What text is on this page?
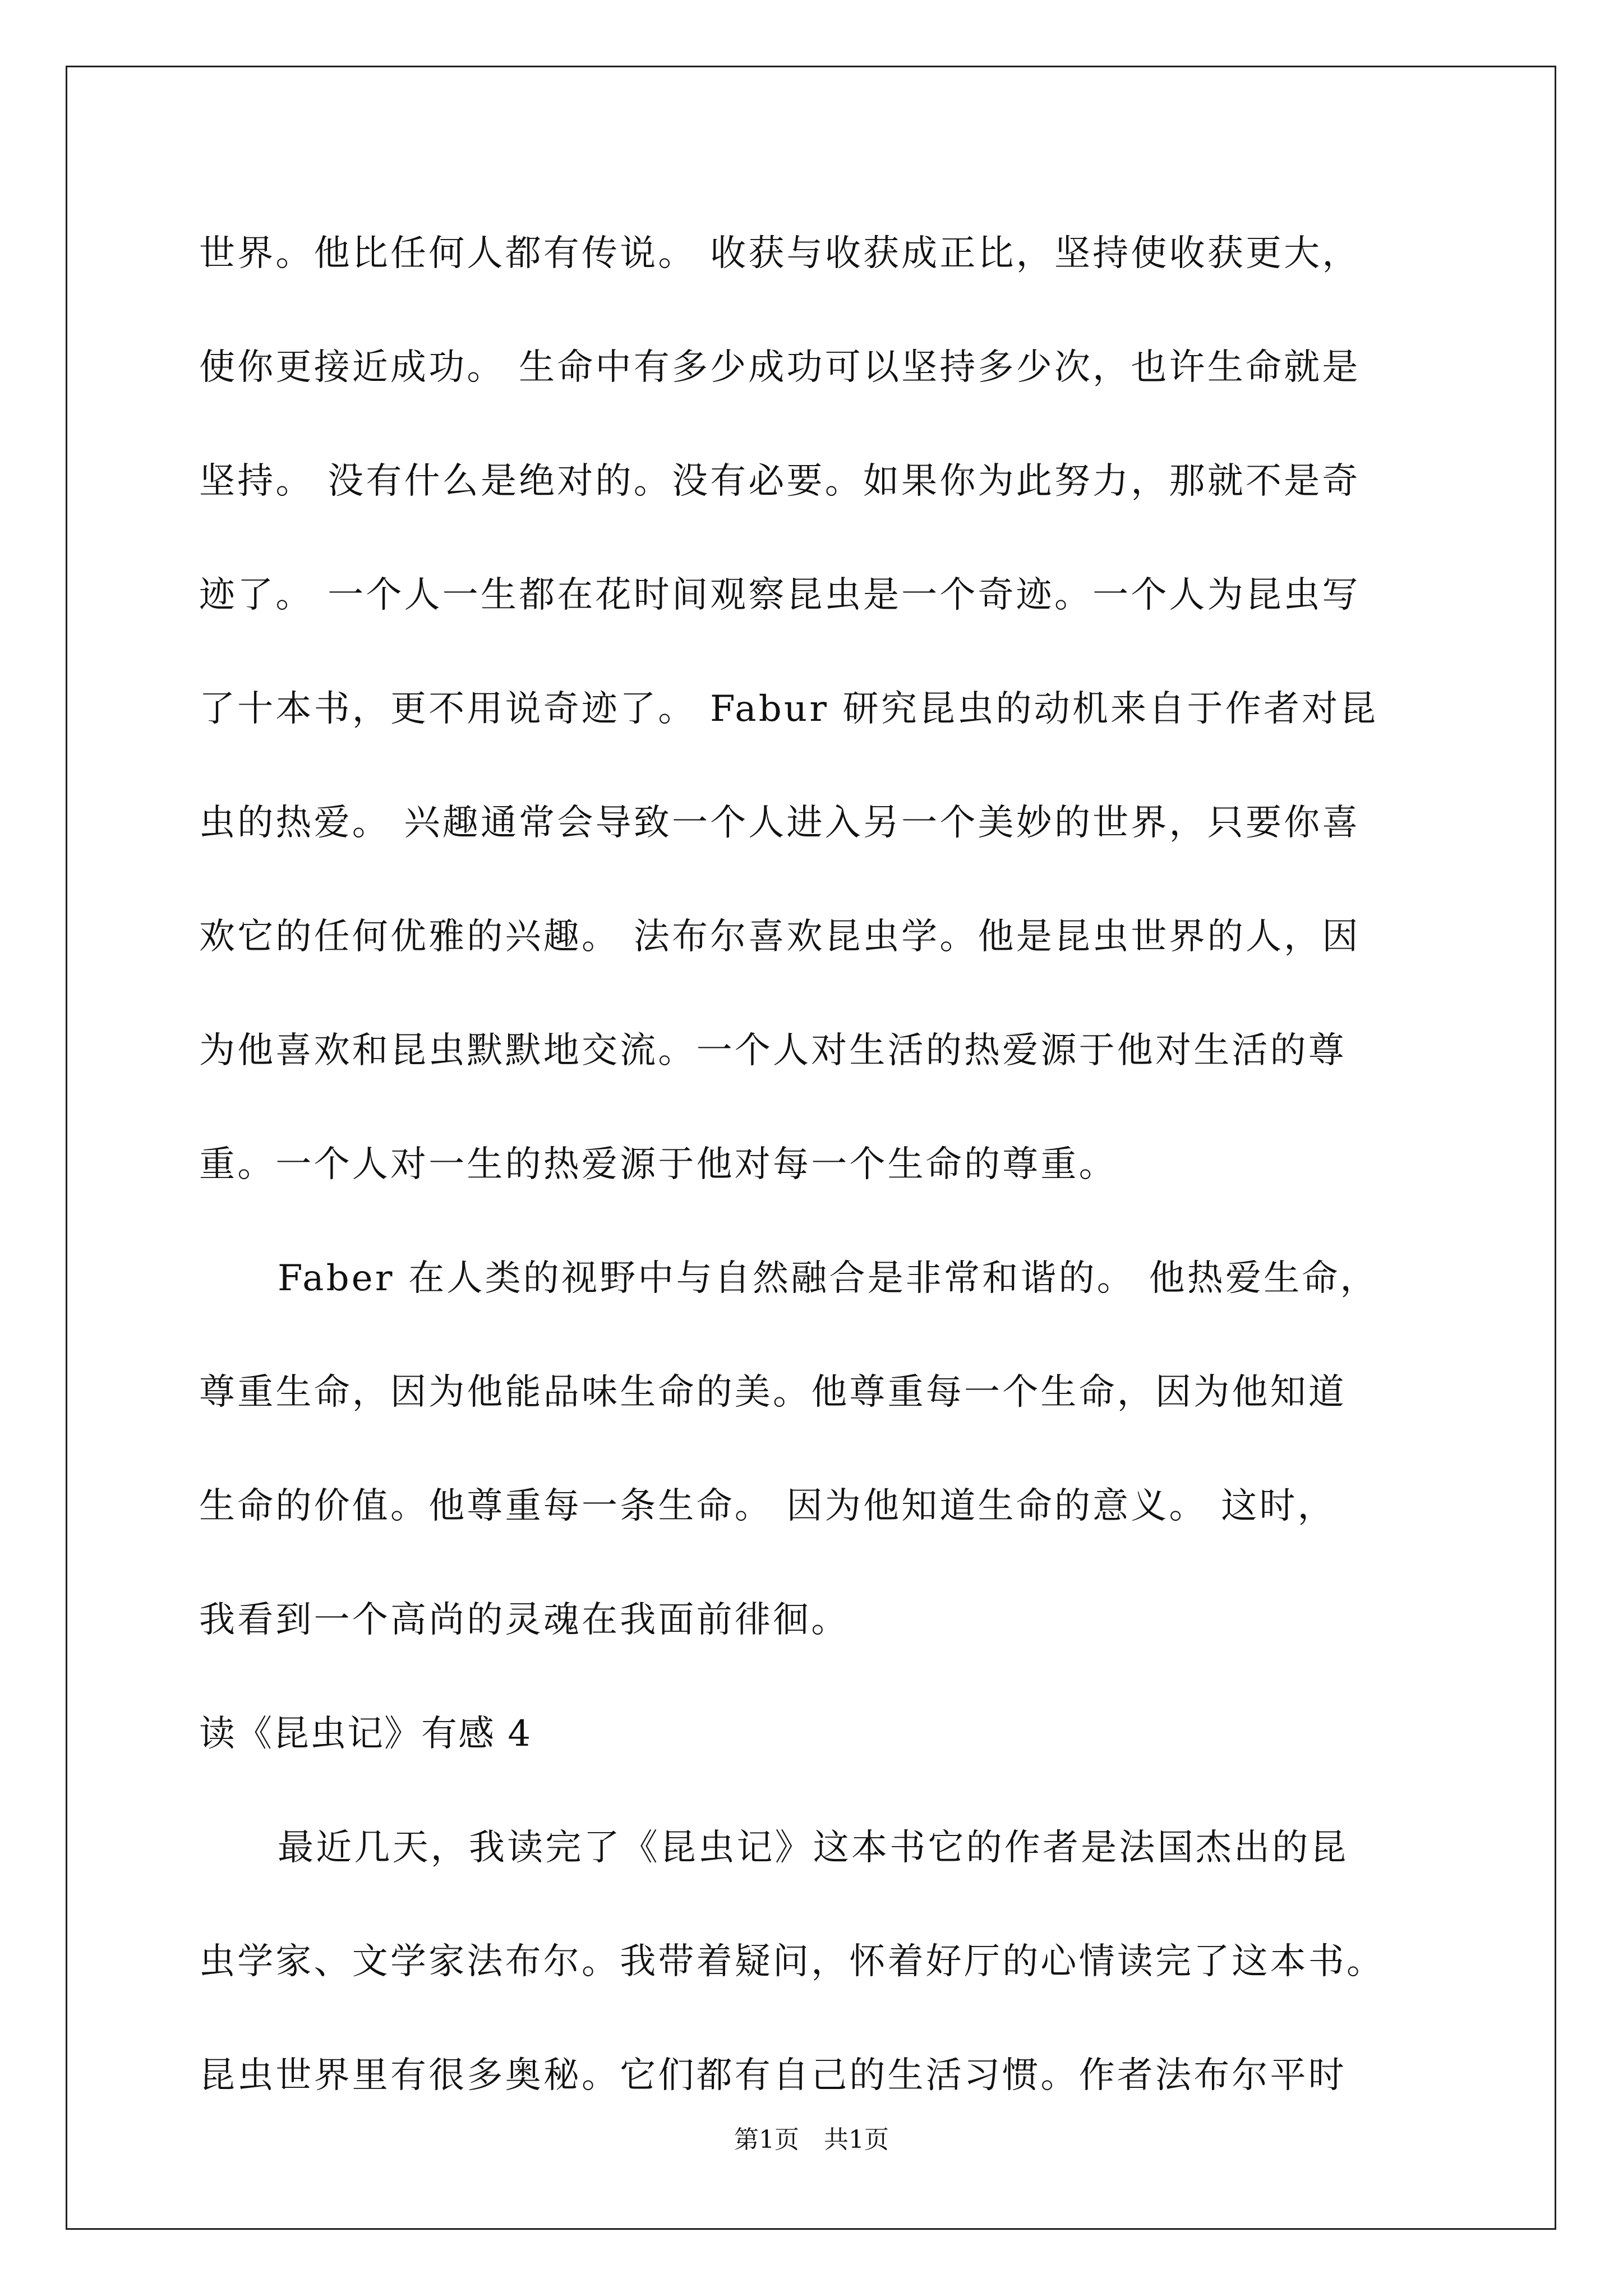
世界。他比任何人都有传说。 收获与收获成正比，坚持使收获更大，
使你更接近成功。 生命中有多少成功可以坚持多少次，也许生命就是
坚持。 没有什么是绝对的。没有必要。如果你为此努力，那就不是奇
迹了。 一个人一生都在花时间观察昆虫是一个奇迹。一个人为昆虫写
了十本书，更不用说奇迹了。 Fabur 研究昆虫的动机来自于作者对昆
虫的热爱。 兴趣通常会导致一个人进入另一个美妙的世界，只要你喜
欢它的任何优雅的兴趣。 法布尔喜欢昆虫学。他是昆虫世界的人，因
为他喜欢和昆虫默默地交流。一个人对生活的热爱源于他对生活的尊
重。一个人对一生的热爱源于他对每一个生命的尊重。
Faber 在人类的视野中与自然融合是非常和谐的。 他热爱生命，
尊重生命，因为他能品味生命的美。他尊重每一个生命，因为他知道
生命的价值。他尊重每一条生命。 因为他知道生命的意义。 这时，
我看到一个高尚的灵魂在我面前徘徊。
读《昆虫记》有感 4
最近几天，我读完了《昆虫记》这本书它的作者是法国杰出的昆
虫学家、文学家法布尔。我带着疑问，怀着好厅的心情读完了这本书。
昆虫世界里有很多奥秘。它们都有自己的生活习惯。作者法布尔平时
第1页　共1页
